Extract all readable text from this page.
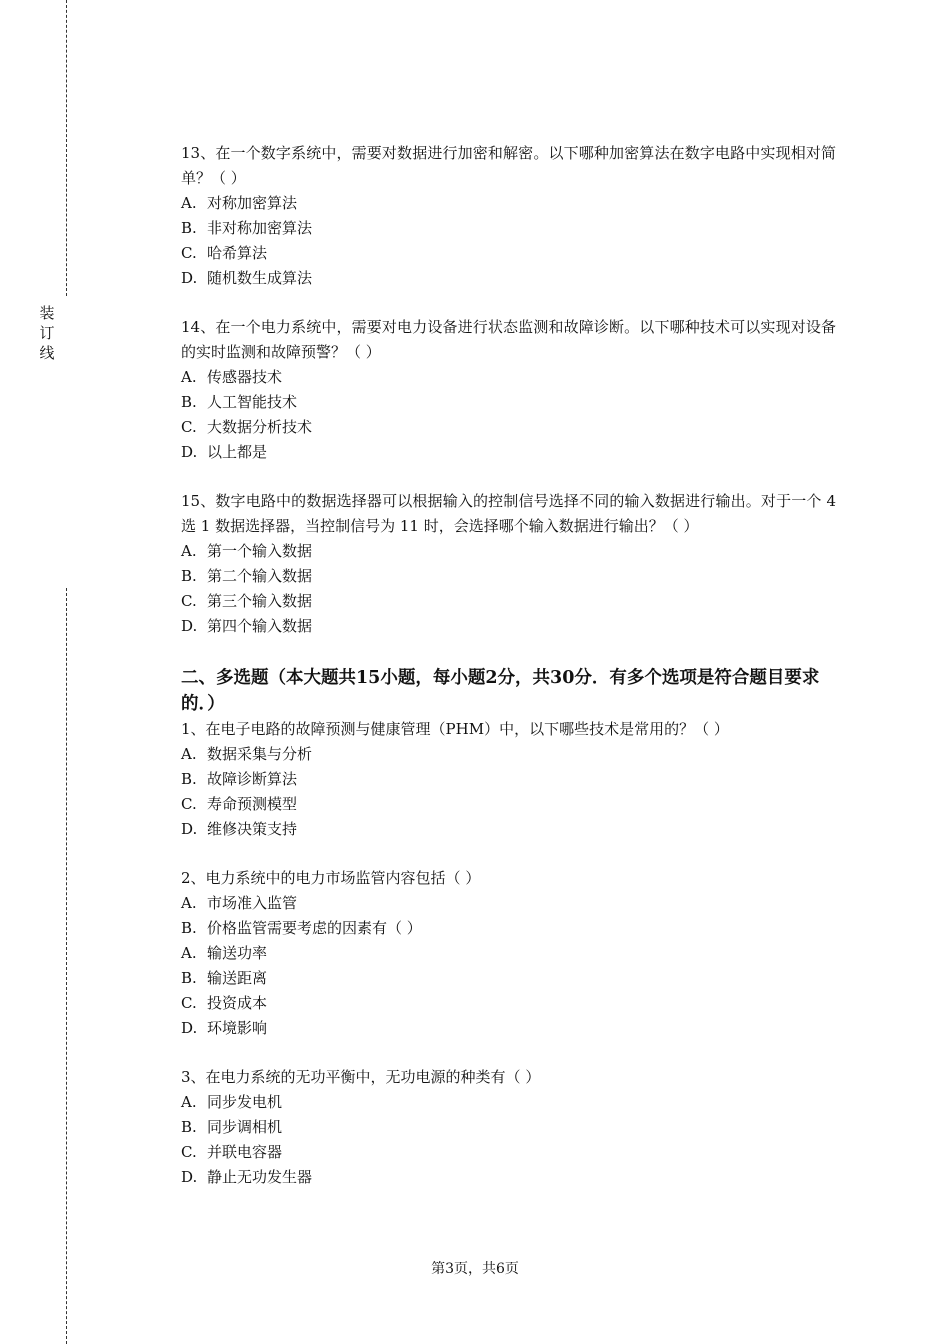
装
订
线

13、在一个数字系统中，需要对数据进行加密和解密。以下哪种加密算法在数字电路中实现相对简单？（ ）

A. 对称加密算法

B. 非对称加密算法

C. 哈希算法

D. 随机数生成算法

14、在一个电力系统中，需要对电力设备进行状态监测和故障诊断。以下哪种技术可以实现对设备的实时监测和故障预警？（ ）

A. 传感器技术

B. 人工智能技术

C. 大数据分析技术

D. 以上都是

15、数字电路中的数据选择器可以根据输入的控制信号选择不同的输入数据进行输出。对于一个 4 选 1 数据选择器，当控制信号为 11 时，会选择哪个输入数据进行输出？（ ）

A. 第一个输入数据

B. 第二个输入数据

C. 第三个输入数据

D. 第四个输入数据

二、多选题（本大题共15小题，每小题2分，共30分．有多个选项是符合题目要求的．）

1、在电子电路的故障预测与健康管理（PHM）中，以下哪些技术是常用的？（ ）

A. 数据采集与分析

B. 故障诊断算法

C. 寿命预测模型

D. 维修决策支持

2、电力系统中的电力市场监管内容包括（ ）

A. 市场准入监管

B. 价格监管需要考虑的因素有（ ）

A. 输送功率

B. 输送距离

C. 投资成本

D. 环境影响

3、在电力系统的无功平衡中，无功电源的种类有（ ）

A. 同步发电机

B. 同步调相机

C. 并联电容器

D. 静止无功发生器

第3页，共6页
